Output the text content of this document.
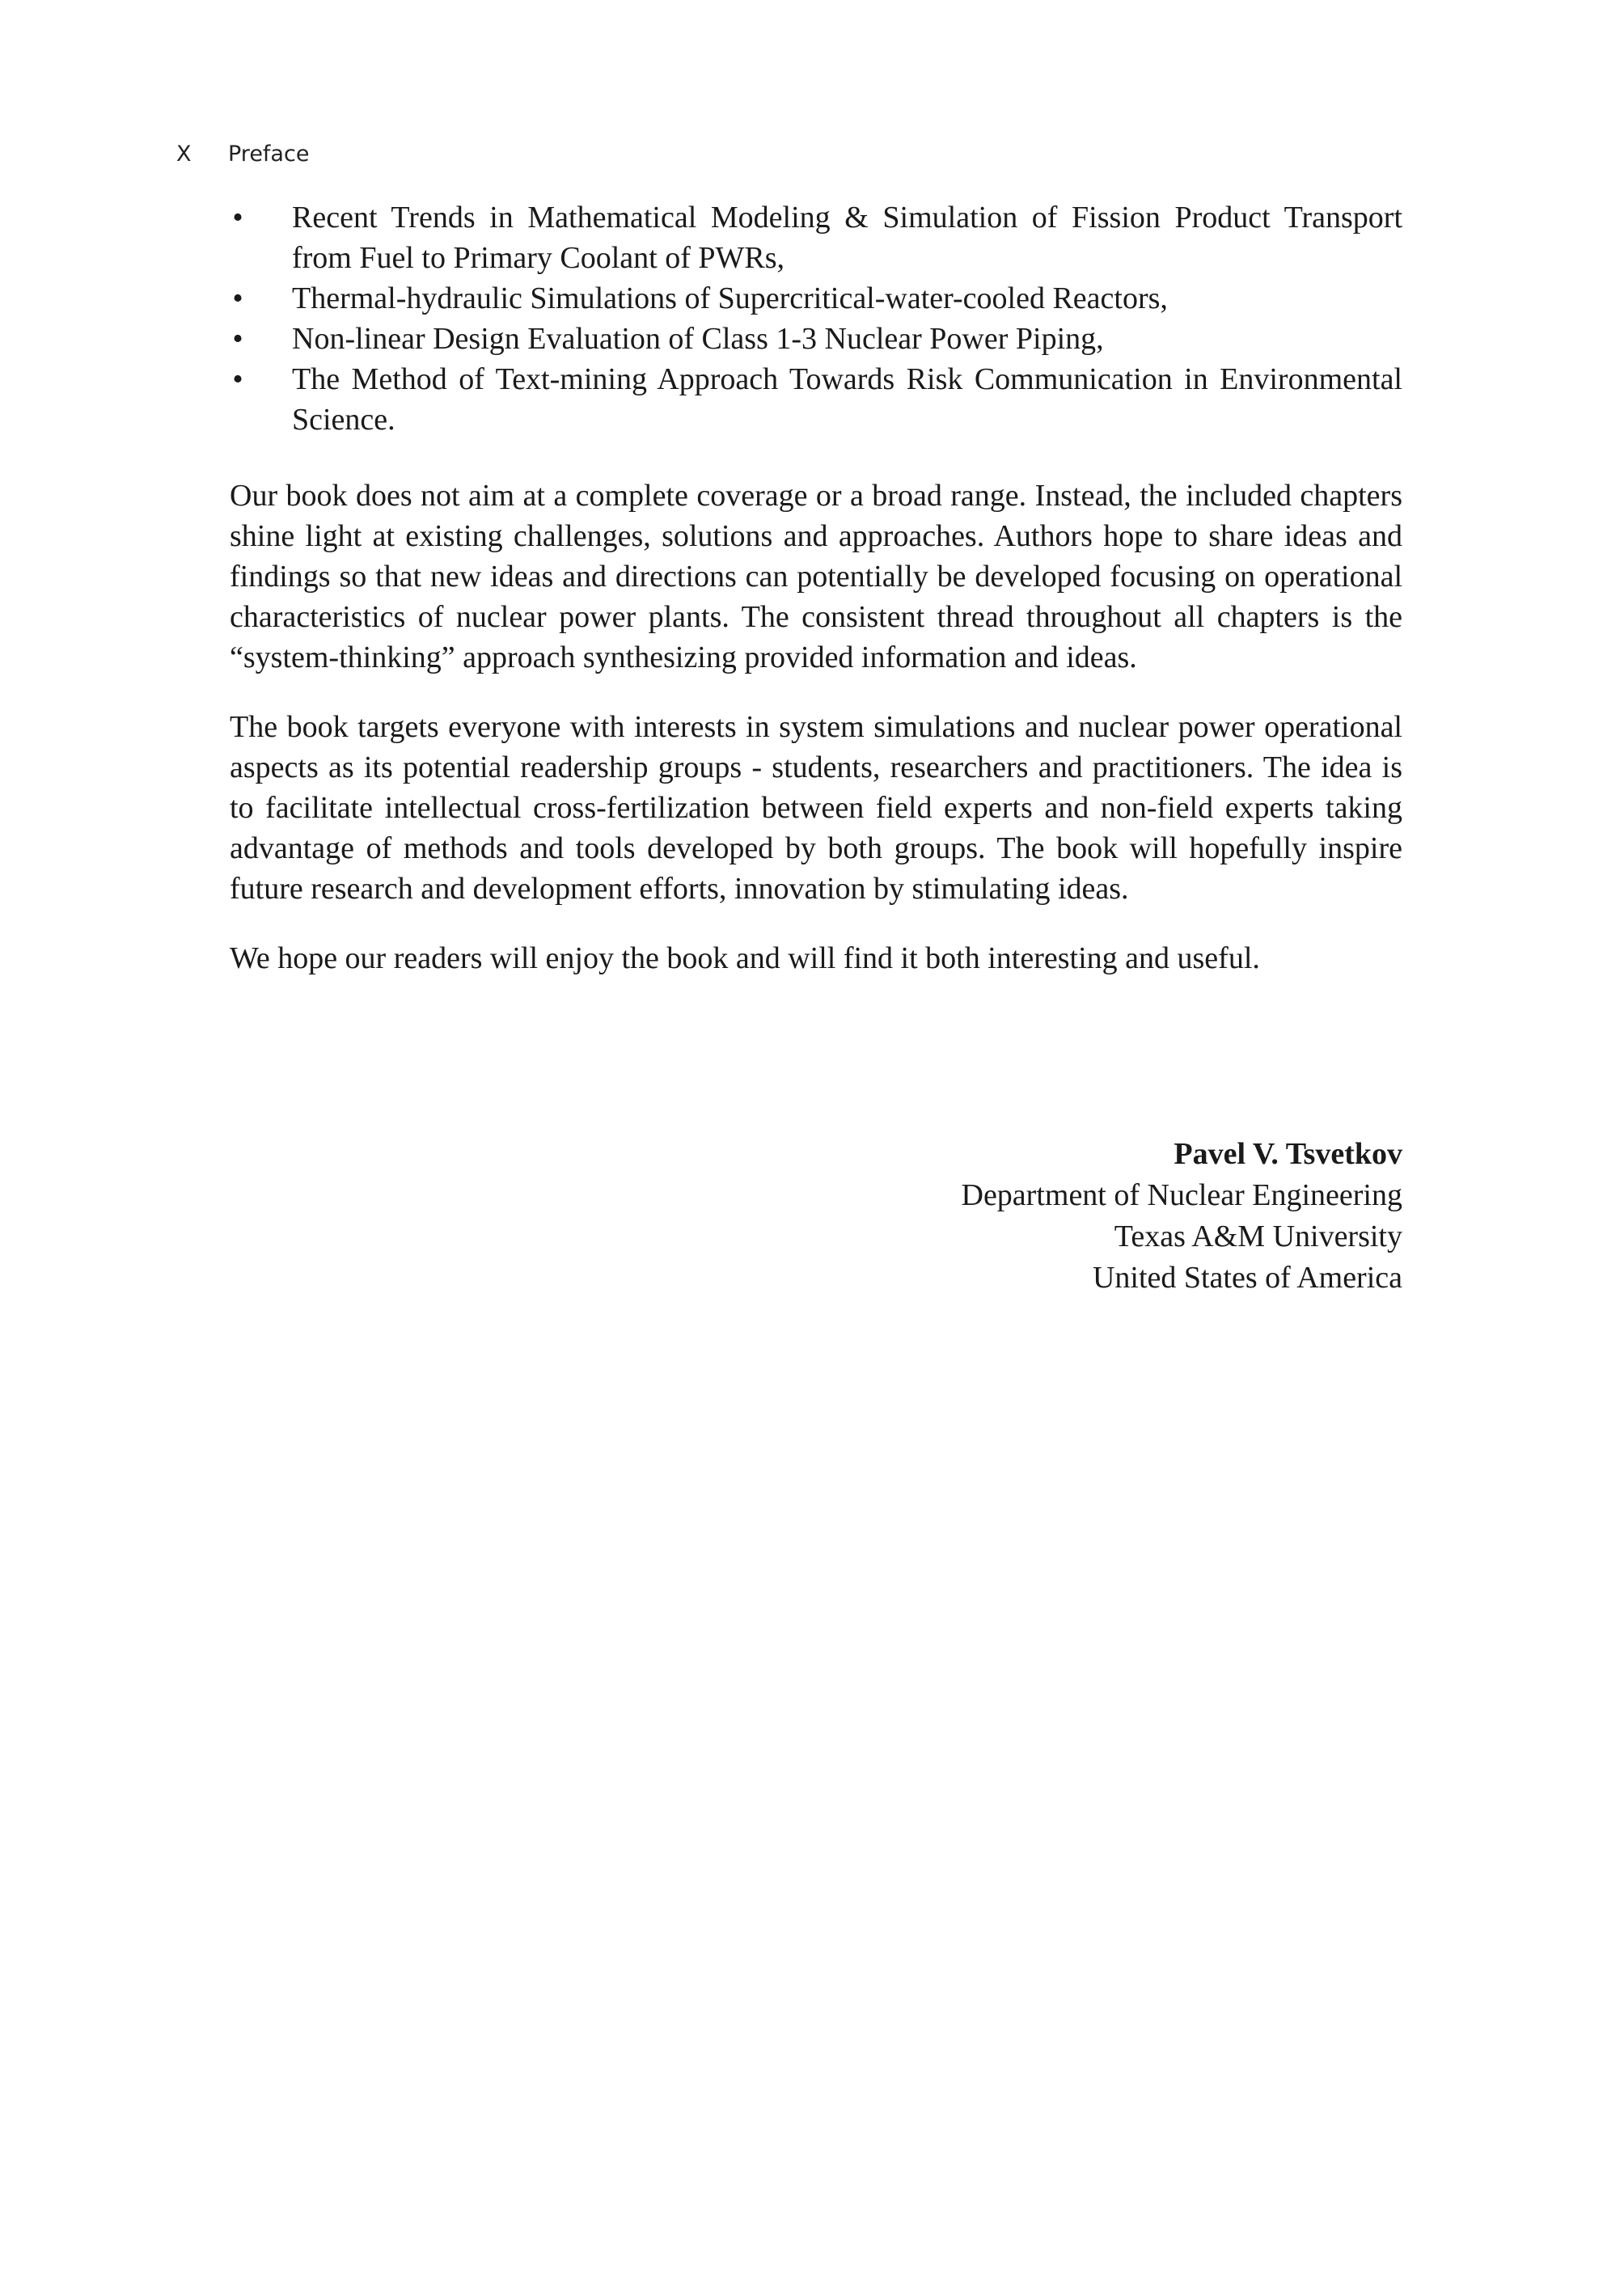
X Preface
• Recent Trends in Mathematical Modeling & Simulation of Fission Product Transport from Fuel to Primary Coolant of PWRs,
• Thermal-hydraulic Simulations of Supercritical-water-cooled Reactors,
• Non-linear Design Evaluation of Class 1-3 Nuclear Power Piping,
• The Method of Text-mining Approach Towards Risk Communication in Environmental Science.

Our book does not aim at a complete coverage or a broad range. Instead, the included chapters shine light at existing challenges, solutions and approaches. Authors hope to share ideas and findings so that new ideas and directions can potentially be developed focusing on operational characteristics of nuclear power plants. The consistent thread throughout all chapters is the “system-thinking” approach synthesizing provided information and ideas.

The book targets everyone with interests in system simulations and nuclear power operational aspects as its potential readership groups - students, researchers and practitioners. The idea is to facilitate intellectual cross-fertilization between field experts and non-field experts taking advantage of methods and tools developed by both groups. The book will hopefully inspire future research and development efforts, innovation by stimulating ideas.

We hope our readers will enjoy the book and will find it both interesting and useful.

Pavel V. Tsvetkov
Department of Nuclear Engineering
Texas A&M University
United States of America
